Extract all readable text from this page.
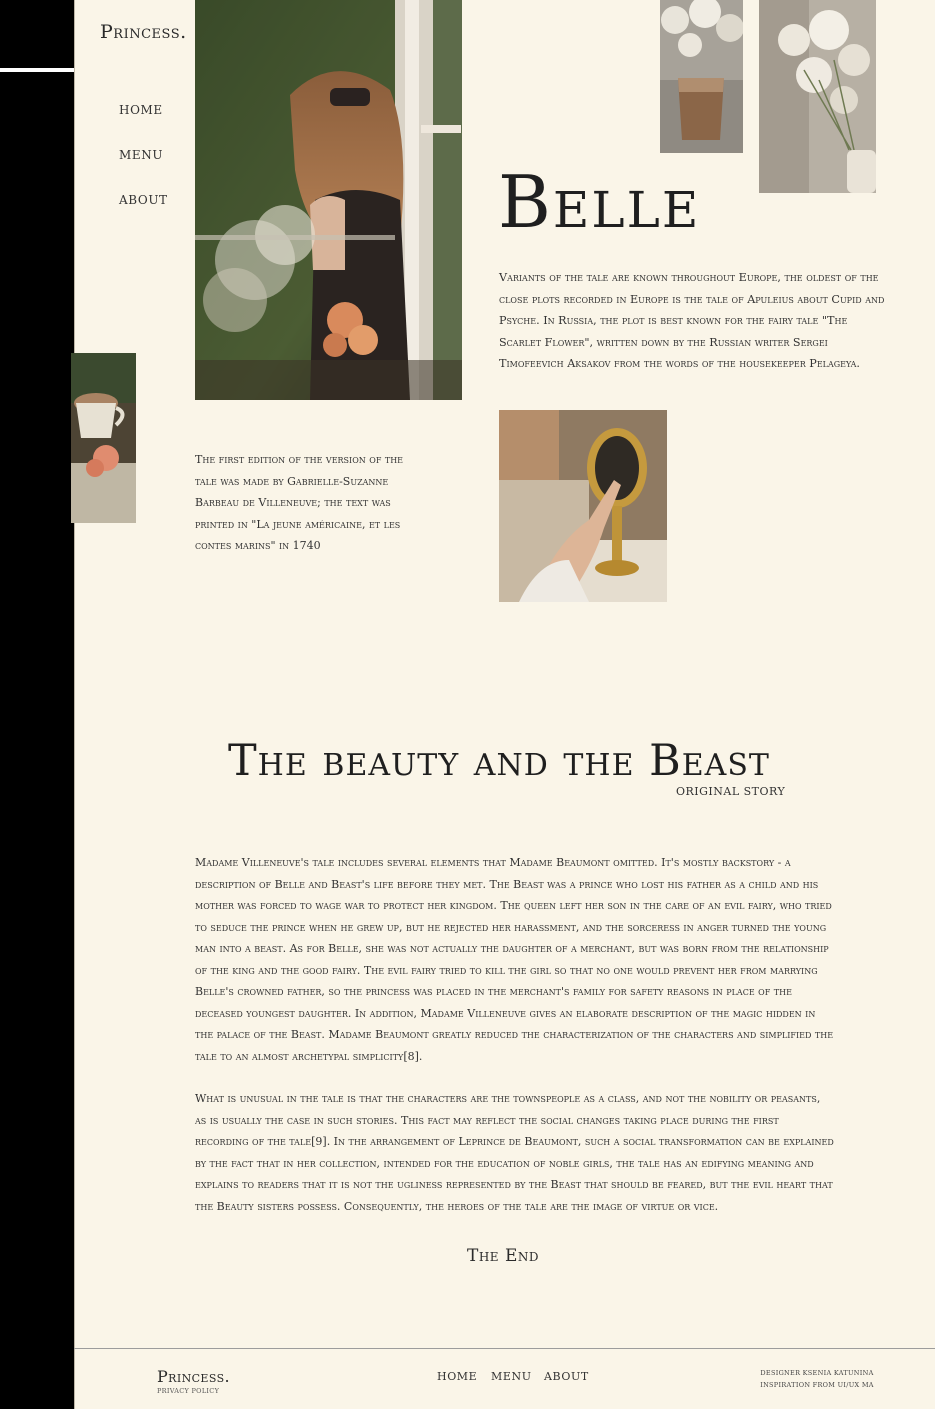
Princess.
HOME
MENU
ABOUT	Belle

Variants of the tale are known throughout Europe, the oldest of the close plots recorded in Europe is the tale of Apuleius about Cupid and Psyche. In Russia, the plot is best known for the fairy tale "The Scarlet Flower", written down by the Russian writer Sergei Timofeevich Aksakov from the words of the housekeeper Pelageya.

The first edition of the version of the tale was made by Gabrielle-Suzanne Barbeau de Villeneuve; the text was printed in "La jeune américaine, et les contes marins" in 1740

The beauty and the Beast
ORIGINAL STORY

Madame Villeneuve's tale includes several elements that Madame Beaumont omitted. It's mostly backstory - a description of Belle and Beast's life before they met. The Beast was a prince who lost his father as a child and his mother was forced to wage war to protect her kingdom. The queen left her son in the care of an evil fairy, who tried to seduce the prince when he grew up, but he rejected her harassment, and the sorceress in anger turned the young man into a beast. As for Belle, she was not actually the daughter of a merchant, but was born from the relationship of the king and the good fairy. The evil fairy tried to kill the girl so that no one would prevent her from marrying Belle's crowned father, so the princess was placed in the merchant's family for safety reasons in place of the deceased youngest daughter. In addition, Madame Villeneuve gives an elaborate description of the magic hidden in the palace of the Beast. Madame Beaumont greatly reduced the characterization of the characters and simplified the tale to an almost archetypal simplicity[8].

What is unusual in the tale is that the characters are the townspeople as a class, and not the nobility or peasants, as is usually the case in such stories. This fact may reflect the social changes taking place during the first recording of the tale[9]. In the arrangement of Leprince de Beaumont, such a social transformation can be explained by the fact that in her collection, intended for the education of noble girls, the tale has an edifying meaning and explains to readers that it is not the ugliness represented by the Beast that should be feared, but the evil heart that the Beauty sisters possess. Consequently, the heroes of the tale are the image of virtue or vice.

The End
Princess.
PRIVACY POLICY
HOME MENU ABOUT	DESIGNER KSENIA KATUNINA
INSPIRATION FROM UI/UX MA
